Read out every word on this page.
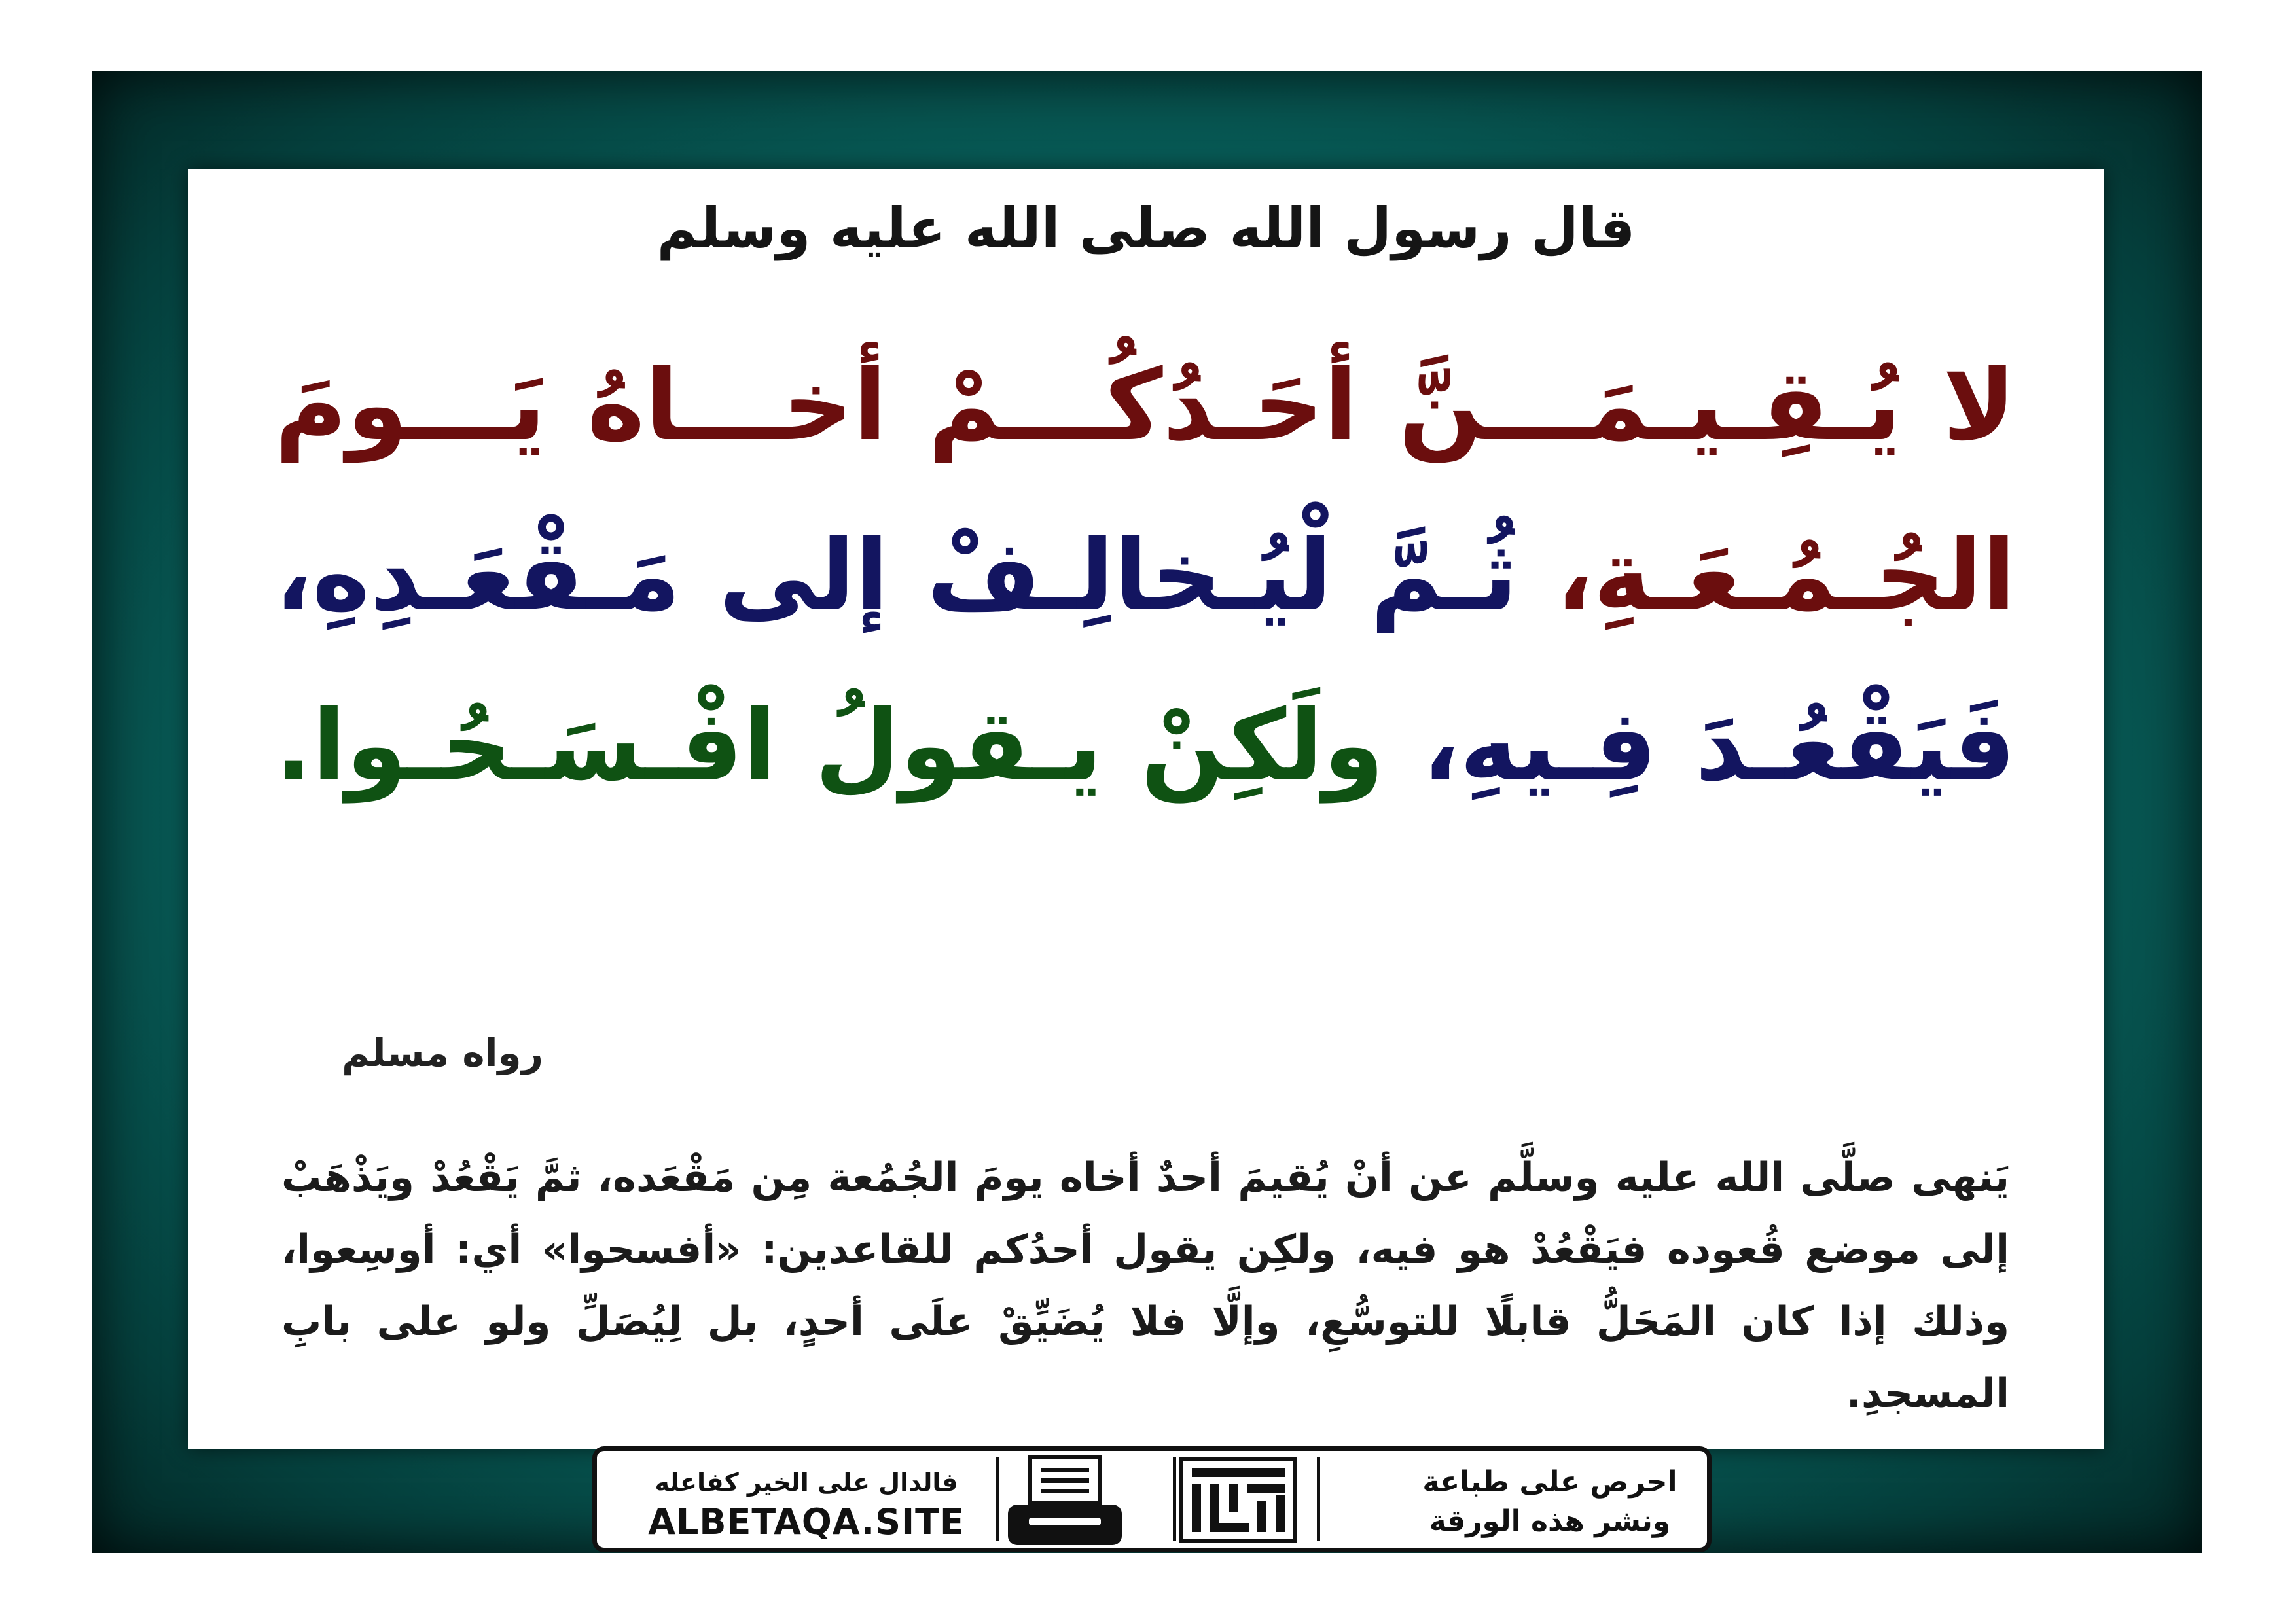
قال رسول الله صلى الله عليه وسلم

لا يُـقِـيـمَـــنَّ أحَـدُكُـــمْ أخـــاهُ يَـــومَ

الجُـمُـعَـةِ، ثُـمَّ لْيُـخالِـفْ إلى مَـقْعَـدِهِ،

فَيَقْعُـدَ فِـيهِ، ولَكِنْ يـقولُ افْـسَـحُـوا.

رواه مسلم
يَنهى صلَّى الله عليه وسلَّم عن أنْ يُقيمَ أحدٌ أخاه يومَ الجُمُعة مِن مَقْعَده، ثمَّ يَقْعُدْ ويَذْهَبْ إلى موضع قُعوده فيَقْعُدْ هو فيه، ولكِن يقول أحدُكم للقاعدين: «أفسحوا» أي: أوسِعوا، وذلك إذا كان المَحَلُّ قابلًا للتوسُّعِ، وإلَّا فلا يُضَيِّقْ علَى أحدٍ، بل لِيُصَلِّ ولو على بابِ المسجدِ.
احرص على طباعة
ونشر هذه الورقة
فالدال على الخير كفاعله
ALBETAQA.SITE
